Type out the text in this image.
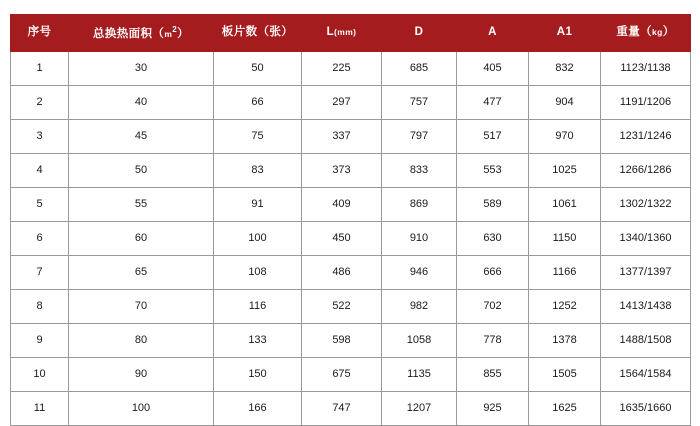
序号	总换热面积$(m^2)$	板片数（张）	L(mm)	D	A	A1	重量（kg）
1	30	50	225	685	405	832	1123/1138
2	40	66	297	757	477	904	1191/1206
3	45	75	337	797	517	970	1231/1246
4	50	83	373	833	553	1025	1266/1286
5	55	91	409	869	589	1061	1302/1322
6	60	100	450	910	630	1150	1340/1360
7	65	108	486	946	666	1166	1377/1397
8	70	116	522	982	702	1252	1413/1438
9	80	133	598	1058	778	1378	1488/1508
10	90	150	675	1135	855	1505	1564/1584
11	100	166	747	1207	925	1625	1635/1660
